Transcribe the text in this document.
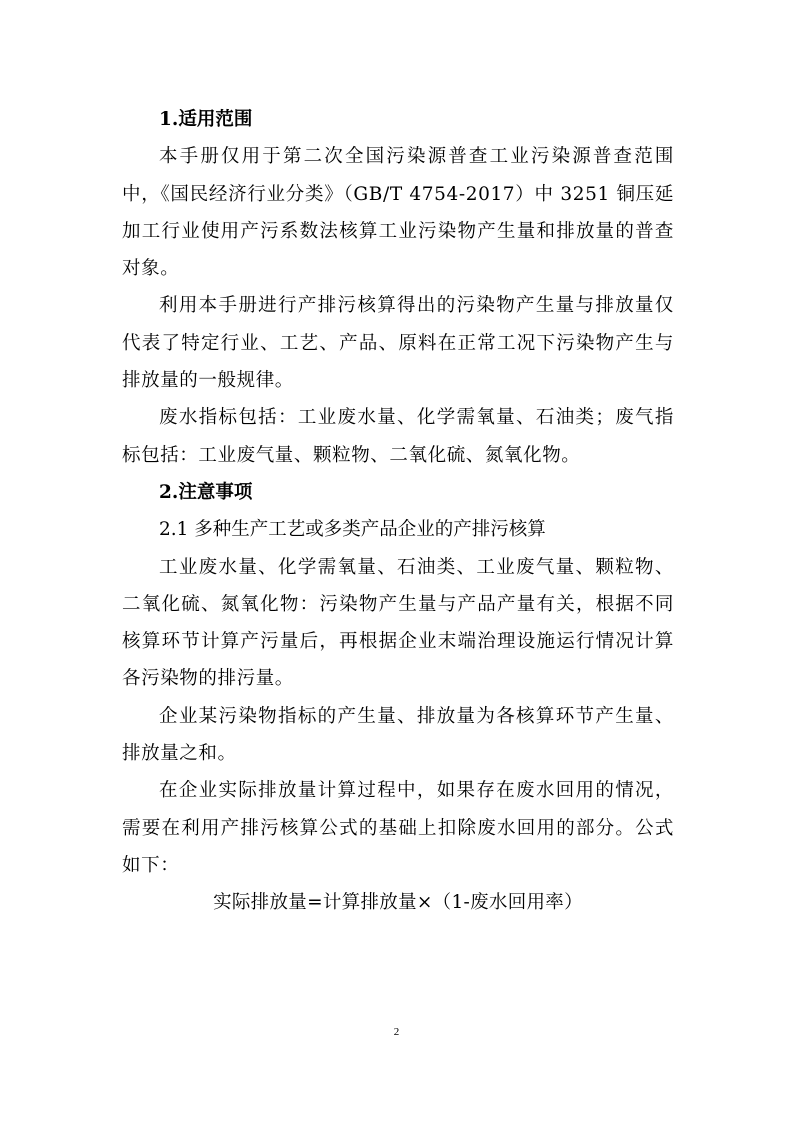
1.适用范围

本手册仅用于第二次全国污染源普查工业污染源普查范围中，《国民经济行业分类》（GB/T 4754-2017）中 3251 铜压延加工行业使用产污系数法核算工业污染物产生量和排放量的普查对象。

利用本手册进行产排污核算得出的污染物产生量与排放量仅代表了特定行业、工艺、产品、原料在正常工况下污染物产生与排放量的一般规律。

废水指标包括：工业废水量、化学需氧量、石油类；废气指标包括：工业废气量、颗粒物、二氧化硫、氮氧化物。

2.注意事项

2.1 多种生产工艺或多类产品企业的产排污核算

工业废水量、化学需氧量、石油类、工业废气量、颗粒物、二氧化硫、氮氧化物：污染物产生量与产品产量有关，根据不同核算环节计算产污量后，再根据企业末端治理设施运行情况计算各污染物的排污量。

企业某污染物指标的产生量、排放量为各核算环节产生量、排放量之和。

在企业实际排放量计算过程中，如果存在废水回用的情况，需要在利用产排污核算公式的基础上扣除废水回用的部分。公式如下：

实际排放量=计算排放量×（1-废水回用率）

2
